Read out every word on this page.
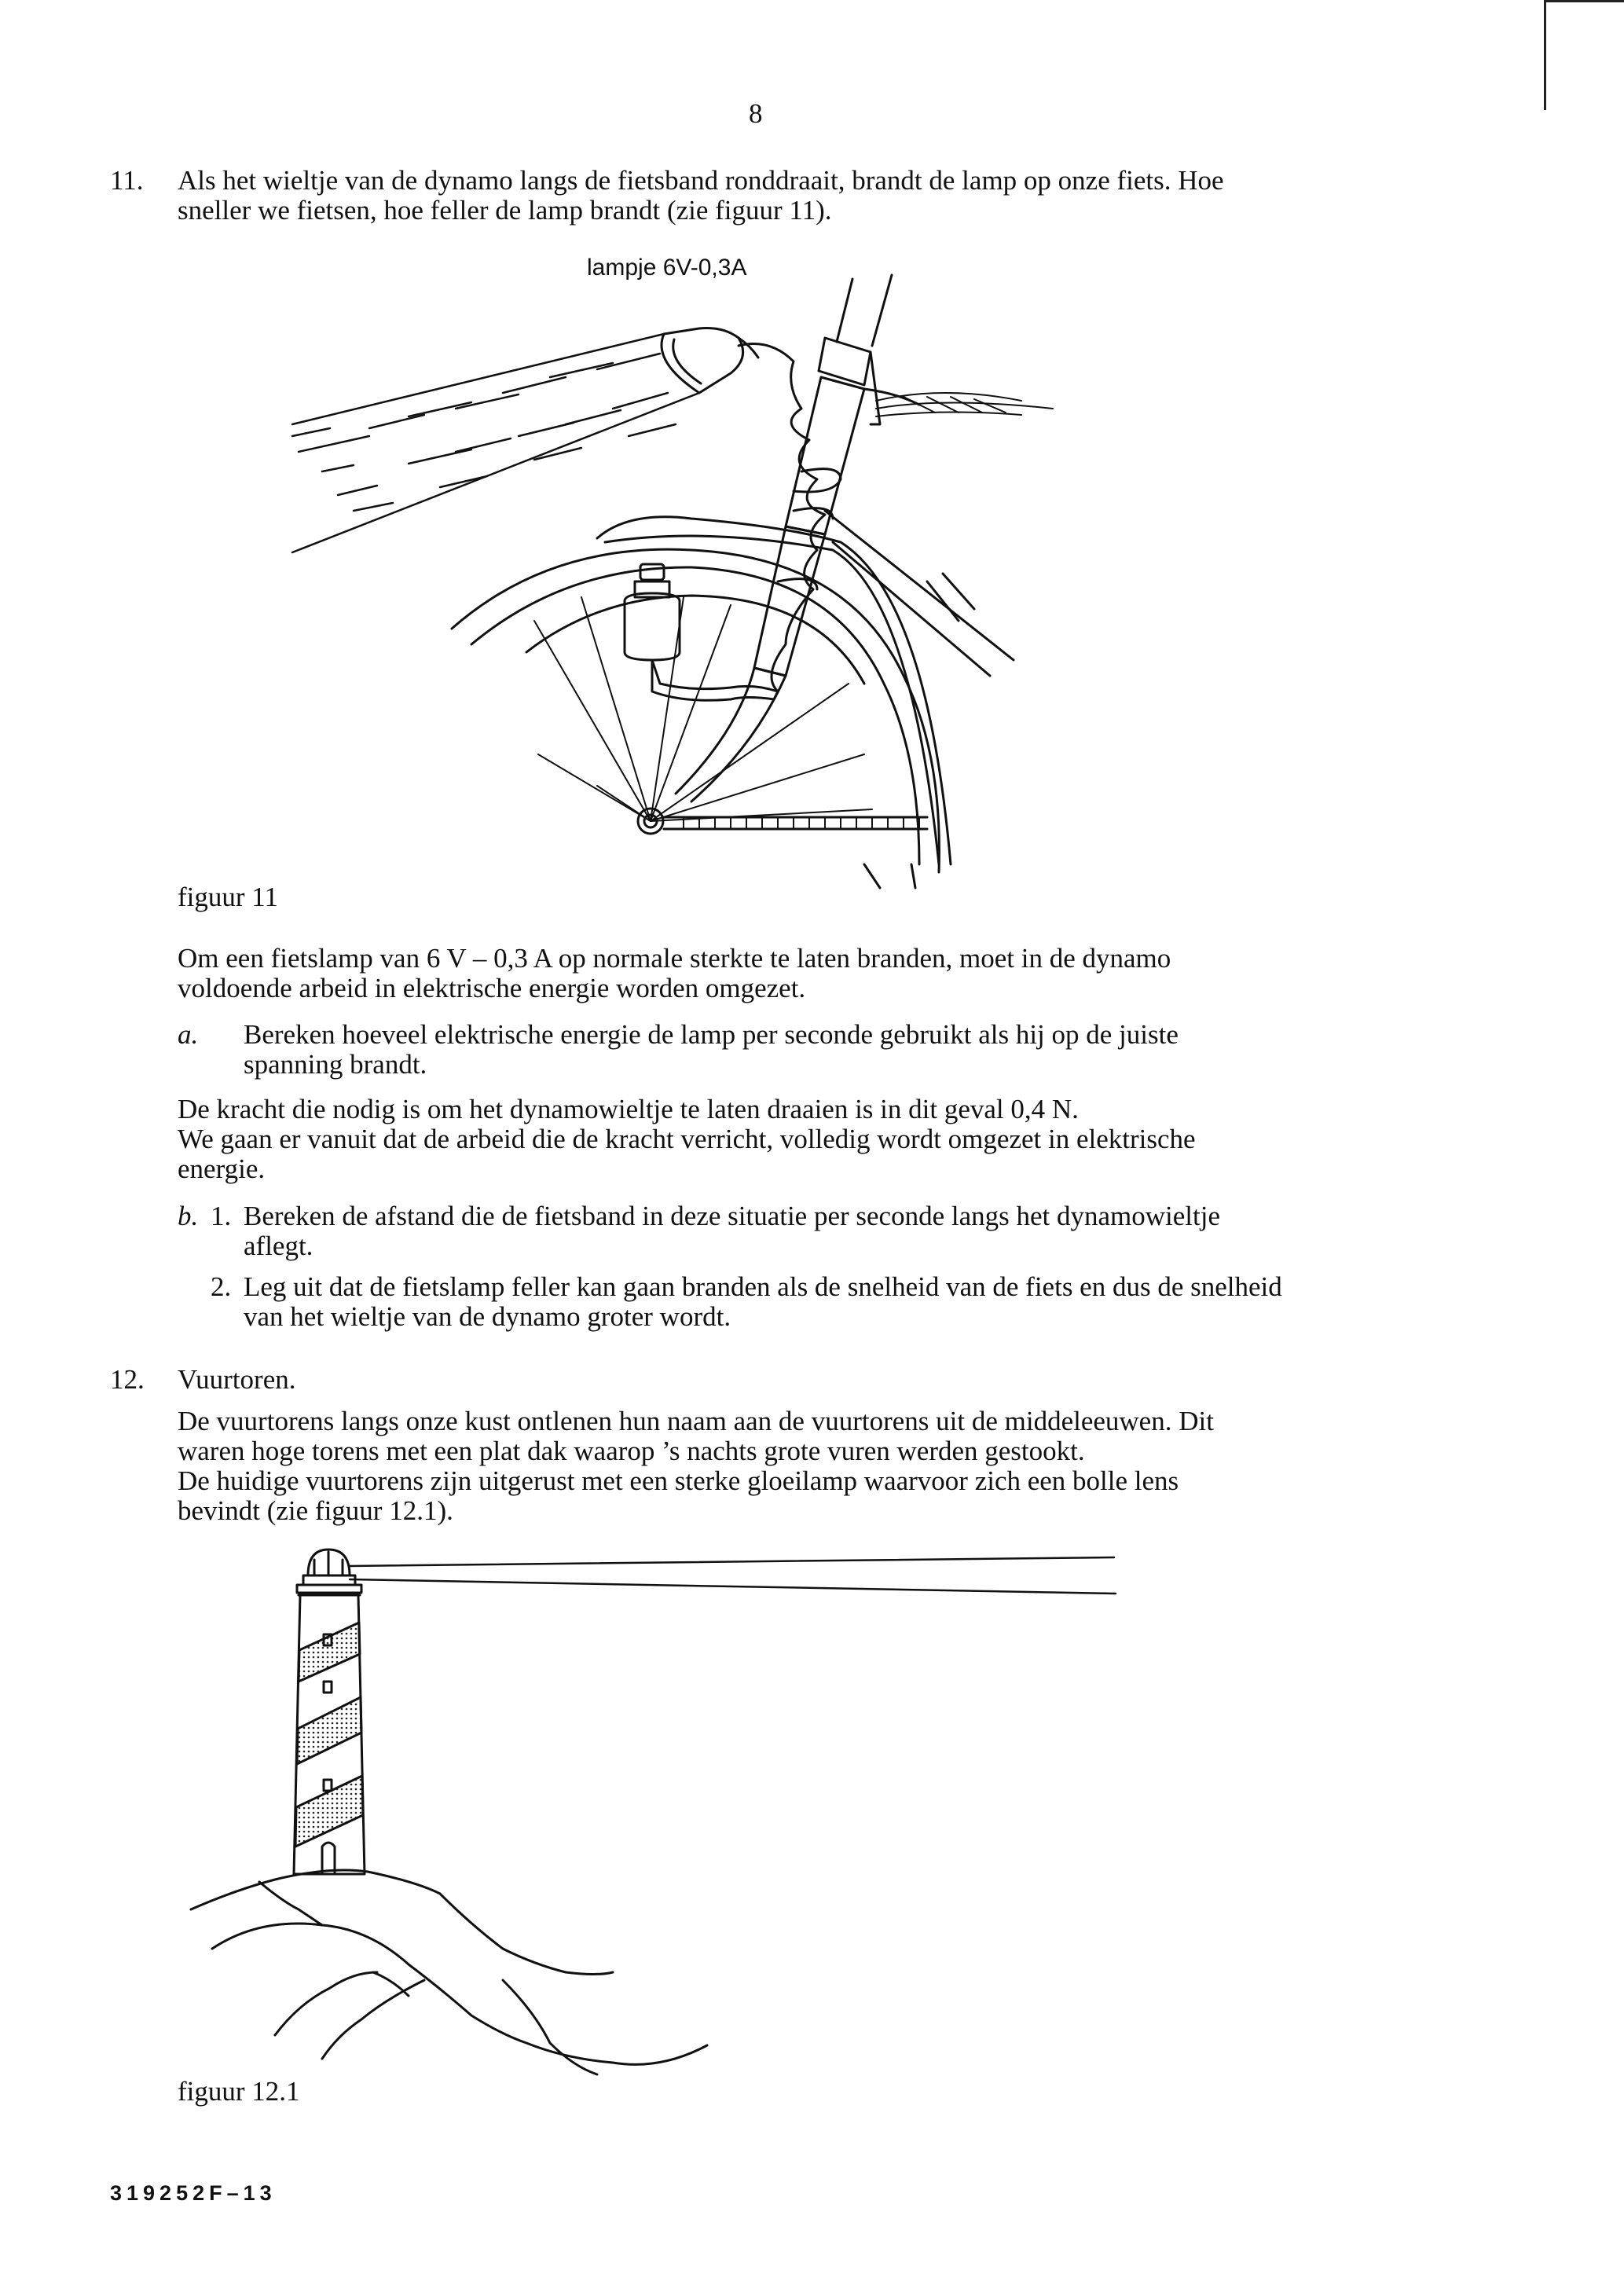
8
11. Als het wieltje van de dynamo langs de fietsband ronddraait, brandt de lamp op onze fiets. Hoe
sneller we fietsen, hoe feller de lamp brandt (zie figuur 11).
lampje 6V-0,3A
figuur 11
Om een fietslamp van 6 V – 0,3 A op normale sterkte te laten branden, moet in de dynamo
voldoende arbeid in elektrische energie worden omgezet.
a. Bereken hoeveel elektrische energie de lamp per seconde gebruikt als hij op de juiste
spanning brandt.
De kracht die nodig is om het dynamowieltje te laten draaien is in dit geval 0,4 N.
We gaan er vanuit dat de arbeid die de kracht verricht, volledig wordt omgezet in elektrische
energie.
b. 1. Bereken de afstand die de fietsband in deze situatie per seconde langs het dynamowieltje
aflegt.
2. Leg uit dat de fietslamp feller kan gaan branden als de snelheid van de fiets en dus de snelheid
van het wieltje van de dynamo groter wordt.
12. Vuurtoren.
De vuurtorens langs onze kust ontlenen hun naam aan de vuurtorens uit de middeleeuwen. Dit
waren hoge torens met een plat dak waarop ’s nachts grote vuren werden gestookt.
De huidige vuurtorens zijn uitgerust met een sterke gloeilamp waarvoor zich een bolle lens
bevindt (zie figuur 12.1).
figuur 12.1
319252F–13
